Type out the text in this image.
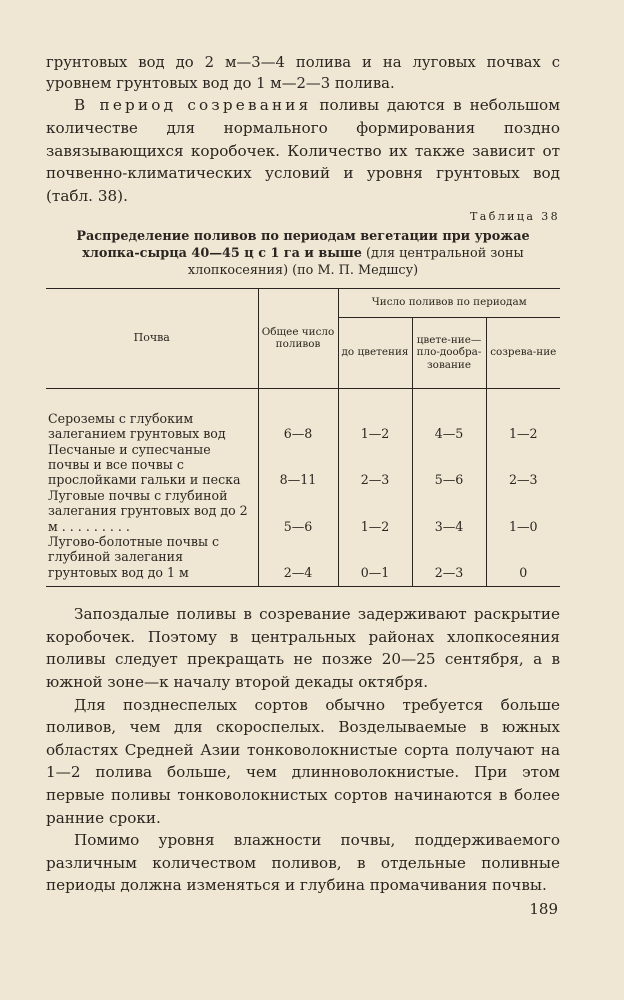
грунтовых вод до 2 м—3—4 полива и на луговых почвах с уровнем грунтовых вод до 1 м—2—3 полива.

В период созревания поливы даются в небольшом количестве для нормального формирования поздно завязывающихся коробочек. Количество их также зависит от почвенно-климатических условий и уровня грунтовых вод (табл. 38).

Таблица 38

Распределение поливов по периодам вегетации при урожае хлопка-сырца 40—45 ц с 1 га и выше (для центральной зоны хлопкосеяния) (по М. П. Медшсу)

Почва	Общее число поливов	Число поливов по периодам		
		до цветения	цвете-ние—пло-дообра-зование	созрева-ние
Сероземы с глубоким залеганием грунтовых вод	6—8	1—2	4—5	1—2
Песчаные и супесчаные почвы и все почвы с прослойками гальки и песка	8—11	2—3	5—6	2—3
Луговые почвы с глубиной залегания грунтовых вод до 2 м . . . . . . . . .	5—6	1—2	3—4	1—0
Лугово-болотные почвы с глубиной залегания грунтовых вод до 1 м	2—4	0—1	2—3	0

Запоздалые поливы в созревание задерживают раскрытие коробочек. Поэтому в центральных районах хлопкосеяния поливы следует прекращать не позже 20—25 сентября, а в южной зоне—к началу второй декады октября.

Для позднеспелых сортов обычно требуется больше поливов, чем для скороспелых. Возделываемые в южных областях Средней Азии тонковолокнистые сорта получают на 1—2 полива больше, чем длинноволокнистые. При этом первые поливы тонковолокнистых сортов начинаются в более ранние сроки.

Помимо уровня влажности почвы, поддерживаемого различным количеством поливов, в отдельные поливные периоды должна изменяться и глубина промачивания почвы.

189
